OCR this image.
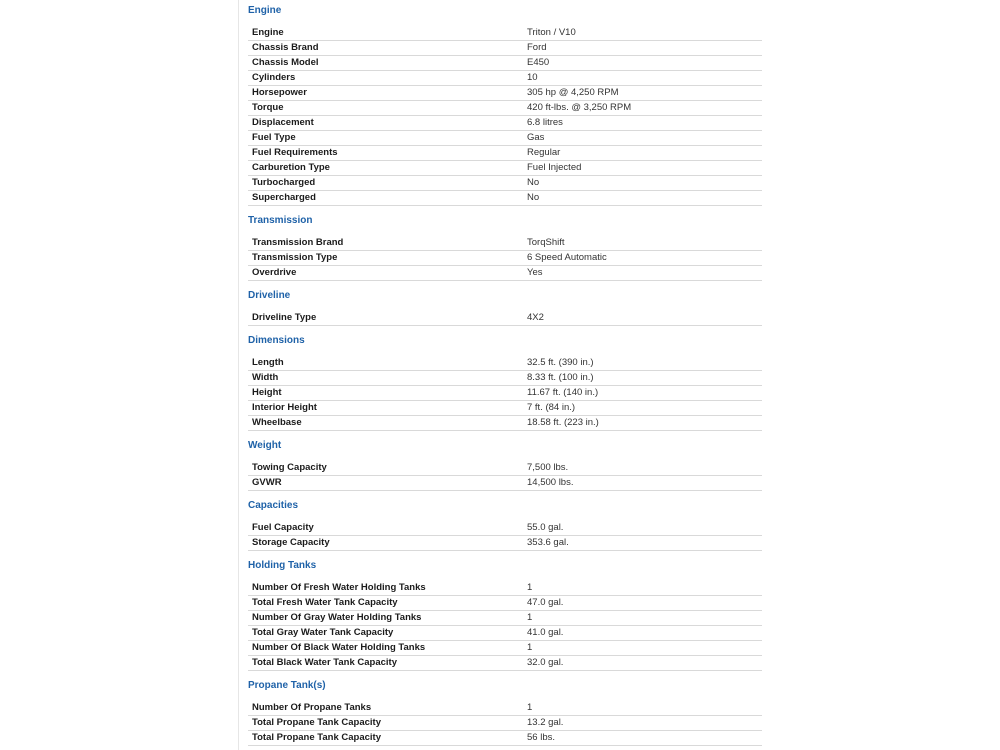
Engine
Engine	Triton / V10
Chassis Brand	Ford
Chassis Model	E450
Cylinders	10
Horsepower	305 hp @ 4,250 RPM
Torque	420 ft-lbs. @ 3,250 RPM
Displacement	6.8 litres
Fuel Type	Gas
Fuel Requirements	Regular
Carburetion Type	Fuel Injected
Turbocharged	No
Supercharged	No
Transmission
Transmission Brand	TorqShift
Transmission Type	6 Speed Automatic
Overdrive	Yes
Driveline
Driveline Type	4X2
Dimensions
Length	32.5 ft. (390 in.)
Width	8.33 ft. (100 in.)
Height	11.67 ft. (140 in.)
Interior Height	7 ft. (84 in.)
Wheelbase	18.58 ft. (223 in.)
Weight
Towing Capacity	7,500 lbs.
GVWR	14,500 lbs.
Capacities
Fuel Capacity	55.0 gal.
Storage Capacity	353.6 gal.
Holding Tanks
Number Of Fresh Water Holding Tanks	1
Total Fresh Water Tank Capacity	47.0 gal.
Number Of Gray Water Holding Tanks	1
Total Gray Water Tank Capacity	41.0 gal.
Number Of Black Water Holding Tanks	1
Total Black Water Tank Capacity	32.0 gal.
Propane Tank(s)
Number Of Propane Tanks	1
Total Propane Tank Capacity	13.2 gal.
Total Propane Tank Capacity	56 lbs.
